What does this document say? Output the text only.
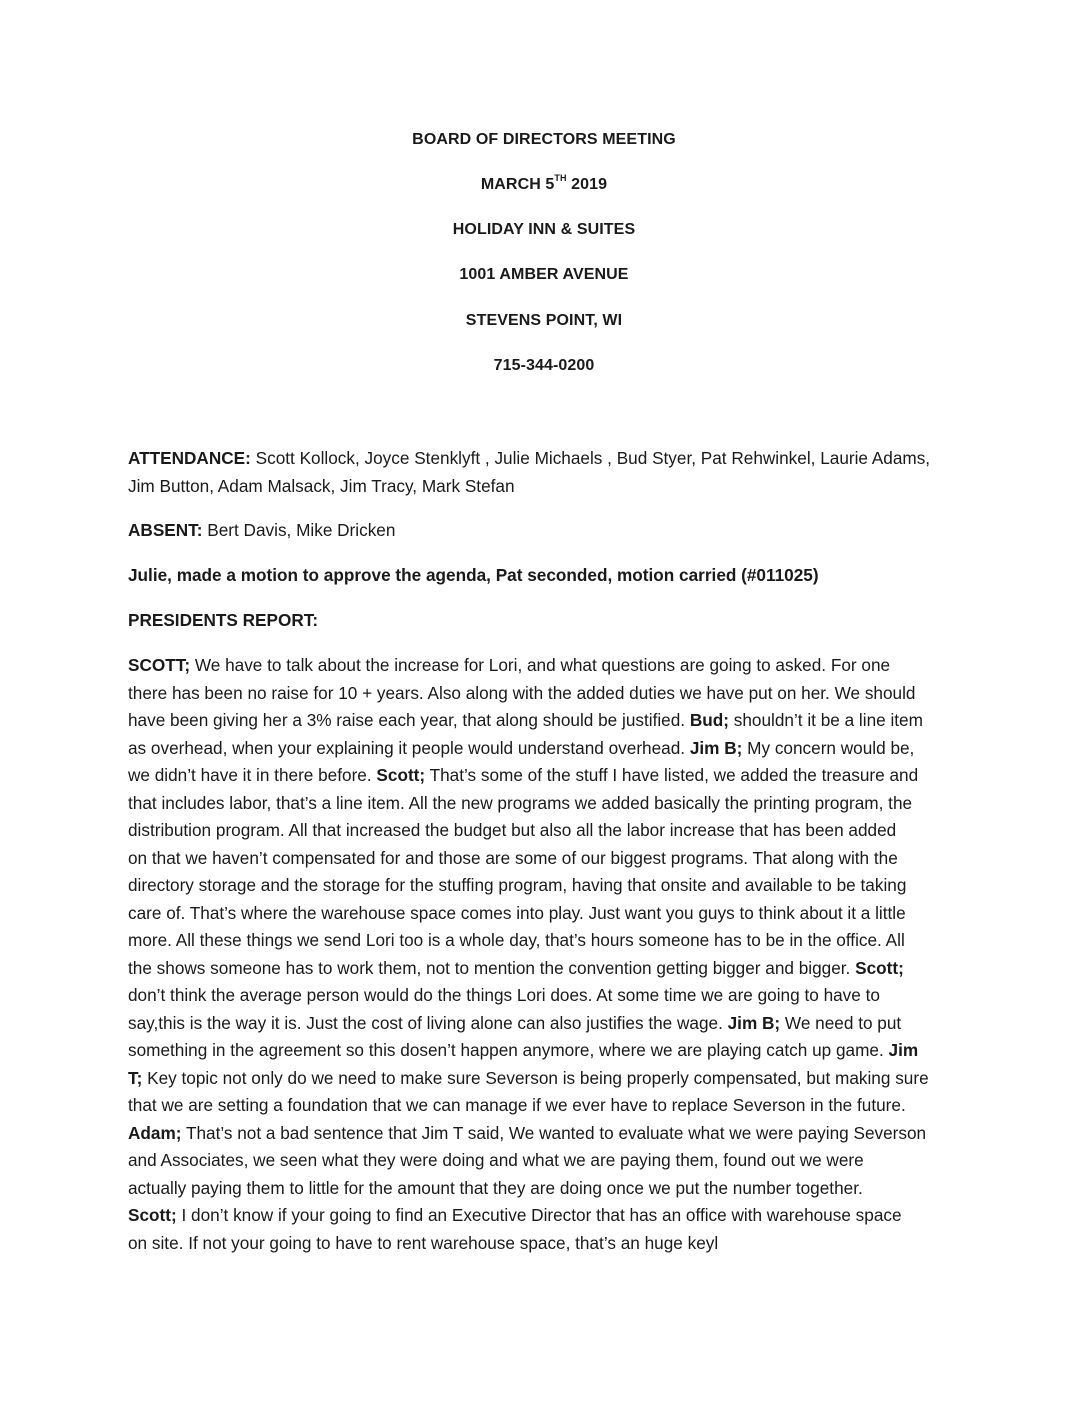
BOARD OF DIRECTORS MEETING
MARCH 5TH 2019
HOLIDAY INN & SUITES
1001 AMBER AVENUE
STEVENS POINT, WI
715-344-0200
ATTENDANCE: Scott Kollock, Joyce Stenklyft , Julie Michaels , Bud Styer, Pat Rehwinkel, Laurie Adams,
Jim Button, Adam Malsack, Jim Tracy, Mark Stefan
ABSENT: Bert Davis, Mike Dricken
Julie, made a motion to approve the agenda, Pat seconded, motion carried (#011025)
PRESIDENTS REPORT:
SCOTT; We have to talk about the increase for Lori, and what questions are going to asked. For one
there has been no raise for 10 + years. Also along with the added duties we have put on her. We should
have been giving her a 3% raise each year, that along should be justified. Bud; shouldn’t it be a line item
as overhead, when your explaining it people would understand overhead. Jim B; My concern would be,
we didn’t have it in there before. Scott; That’s some of the stuff I have listed, we added the treasure and
that includes labor, that’s a line item. All the new programs we added basically the printing program, the
distribution program. All that increased the budget but also all the labor increase that has been added
on that we haven’t compensated for and those are some of our biggest programs. That along with the
directory storage and the storage for the stuffing program, having that onsite and available to be taking
care of. That’s where the warehouse space comes into play. Just want you guys to think about it a little
more. All these things we send Lori too is a whole day, that’s hours someone has to be in the office. All
the shows someone has to work them, not to mention the convention getting bigger and bigger. Scott;
don’t think the average person would do the things Lori does. At some time we are going to have to
say,this is the way it is. Just the cost of living alone can also justifies the wage. Jim B; We need to put
something in the agreement so this dosen’t happen anymore, where we are playing catch up game. Jim
T; Key topic not only do we need to make sure Severson is being properly compensated, but making sure
that we are setting a foundation that we can manage if we ever have to replace Severson in the future.
Adam; That’s not a bad sentence that Jim T said, We wanted to evaluate what we were paying Severson
and Associates, we seen what they were doing and what we are paying them, found out we were
actually paying them to little for the amount that they are doing once we put the number together.
Scott; I don’t know if your going to find an Executive Director that has an office with warehouse space
on site. If not your going to have to rent warehouse space, that’s an huge keyl
